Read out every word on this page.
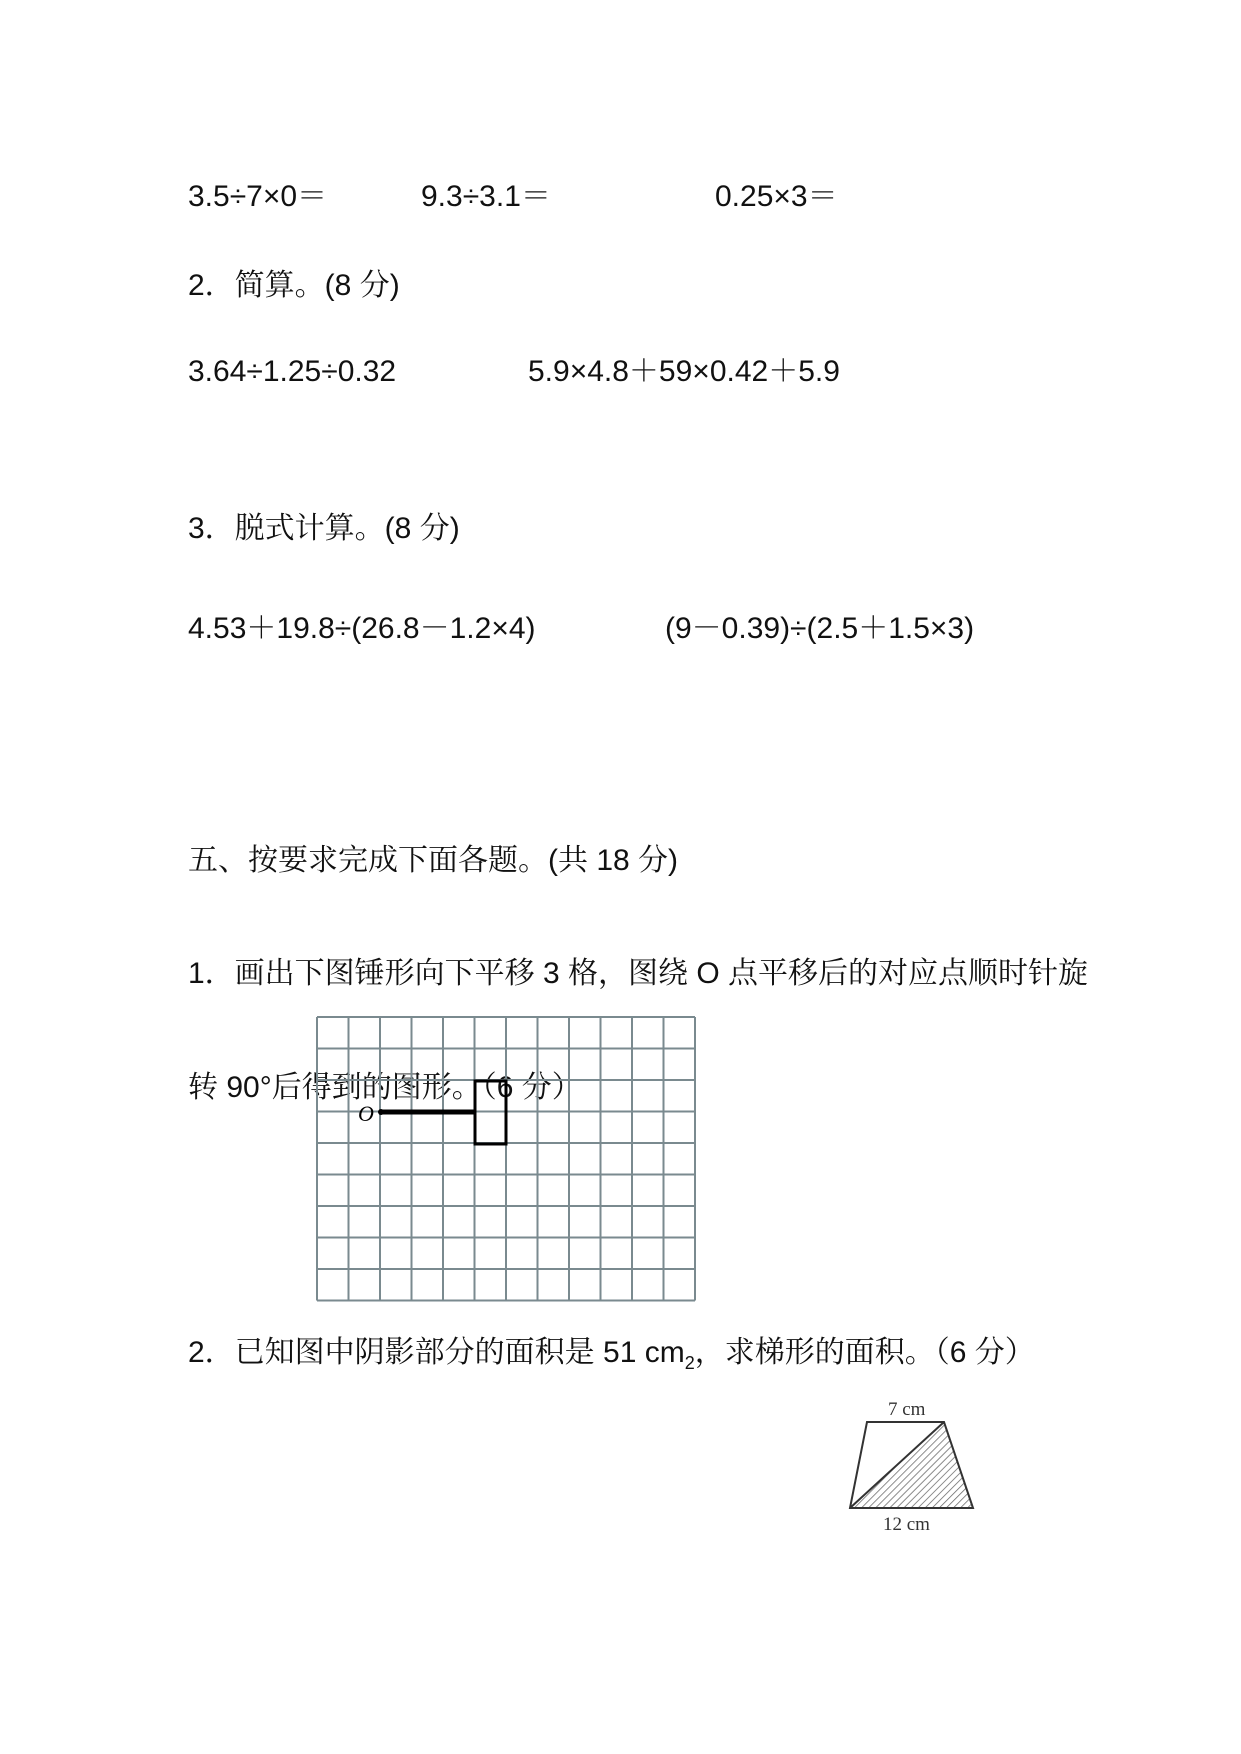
3.5÷7×0＝	9.3÷3.1＝	0.25×3＝
2．简算。(8 分)
3.64÷1.25÷0.32	5.9×4.8＋59×0.42＋5.9
3．脱式计算。(8 分)
4.53＋19.8÷(26.8－1.2×4)	(9－0.39)÷(2.5＋1.5×3)
五、按要求完成下面各题。(共 18 分)
1．画出下图锤形向下平移 3 格，图绕 O 点平移后的对应点顺时针旋
转 90°后得到的图形。（6 分）
O
7 cm
12 cm
2．已知图中阴影部分的面积是 51 $cm_2$，求梯形的面积。（6 分）
